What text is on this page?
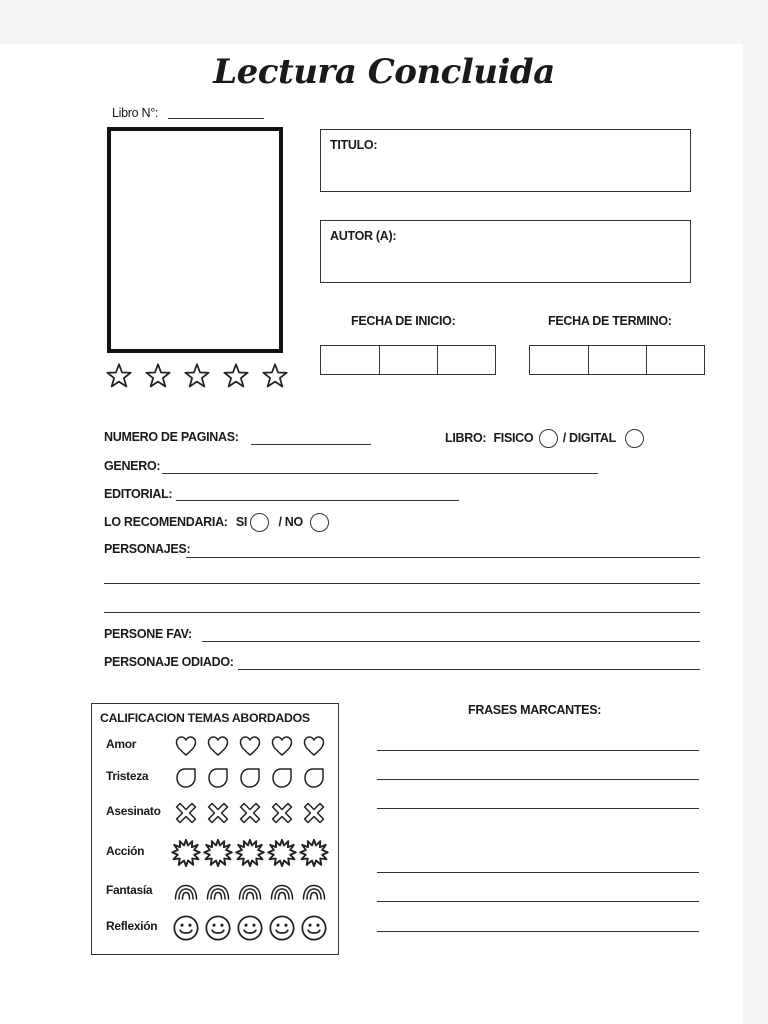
Lectura Concluida
Libro N°:
TITULO:
AUTOR (A):
FECHA DE INICIO:	FECHA DE TERMINO:
NUMERO DE PAGINAS:	LIBRO: FISICO / DIGITAL
GENERO:
EDITORIAL:
LO RECOMENDARIA: SI	/ NO
PERSONAJES:
PERSONE FAV:
PERSONAJE ODIADO:
CALIFICACION TEMAS ABORDADOS
Amor
Tristeza
Asesinato
Acción
Fantasía
Reflexión
FRASES MARCANTES:
